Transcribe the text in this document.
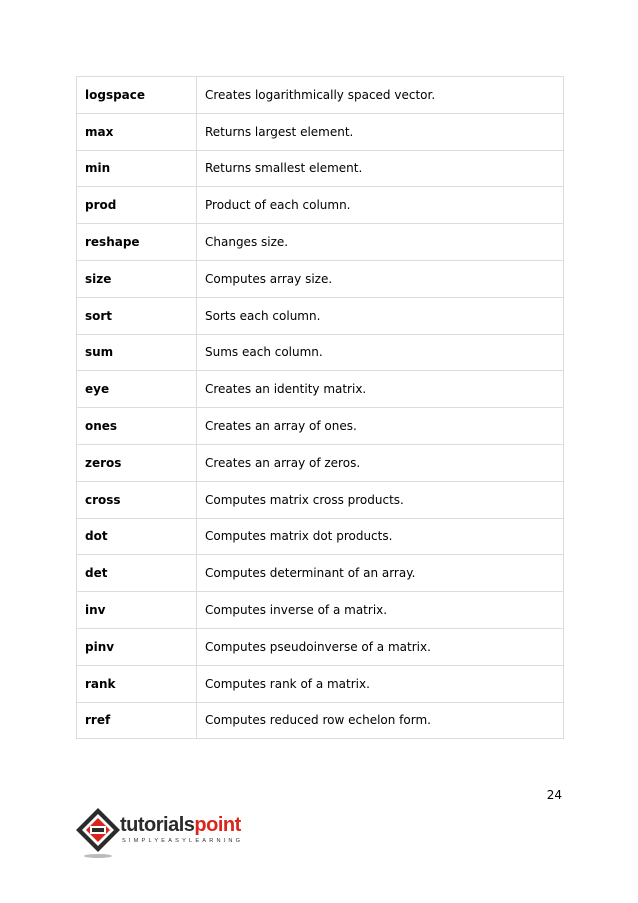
logspace	Creates logarithmically spaced vector.
max	Returns largest element.
min	Returns smallest element.
prod	Product of each column.
reshape	Changes size.
size	Computes array size.
sort	Sorts each column.
sum	Sums each column.
eye	Creates an identity matrix.
ones	Creates an array of ones.
zeros	Creates an array of zeros.
cross	Computes matrix cross products.
dot	Computes matrix dot products.
det	Computes determinant of an array.
inv	Computes inverse of a matrix.
pinv	Computes pseudoinverse of a matrix.
rank	Computes rank of a matrix.
rref	Computes reduced row echelon form.
24
tutorialspoint
SIMPLYEASYLEARNING
